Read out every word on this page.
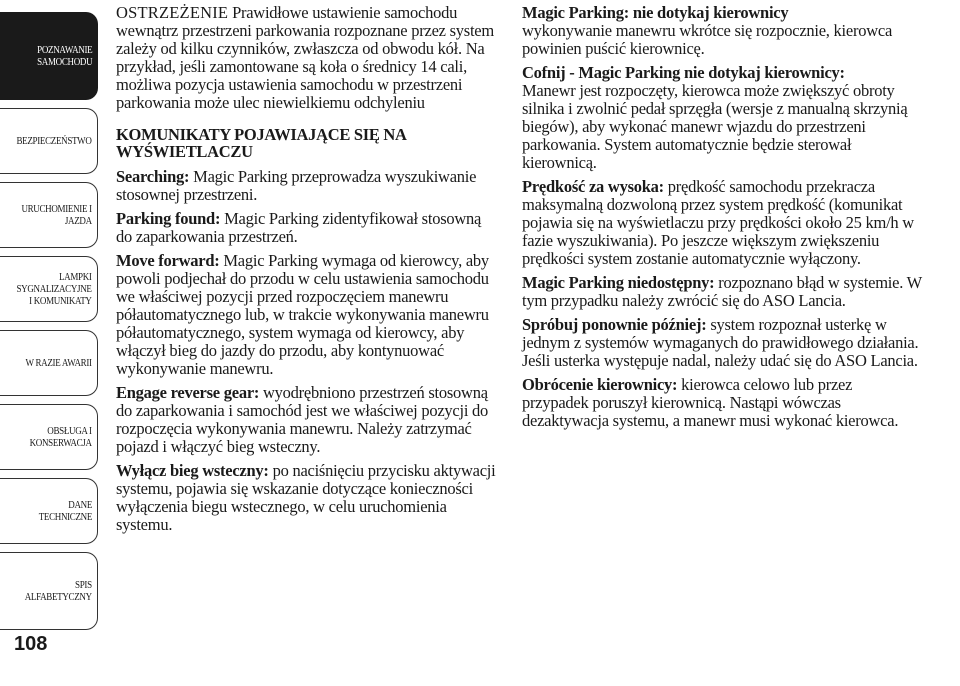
POZNAWANIE
SAMOCHODU
BEZPIECZEŃSTWO
URUCHOMIENIE I
JAZDA
LAMPKI
SYGNALIZACYJNE
I KOMUNIKATY
W RAZIE AWARII
OBSŁUGA I
KONSERWACJA
DANE
TECHNICZNE
SPIS
ALFABETYCZNY
108

OSTRZEŻENIE Prawidłowe ustawienie samochodu wewnątrz przestrzeni parkowania rozpoznane przez system zależy od kilku czynników, zwłaszcza od obwodu kół. Na przykład, jeśli zamontowane są koła o średnicy 14 cali, możliwa pozycja ustawienia samochodu w przestrzeni parkowania może ulec niewielkiemu odchyleniu

KOMUNIKATY POJAWIAJĄCE SIĘ NA WYŚWIETLACZU

Searching: Magic Parking przeprowadza wyszukiwanie stosownej przestrzeni.

Parking found: Magic Parking zidentyfikował stosowną do zaparkowania przestrzeń.

Move forward: Magic Parking wymaga od kierowcy, aby powoli podjechał do przodu w celu ustawienia samochodu we właściwej pozycji przed rozpoczęciem manewru półautomatycznego lub, w trakcie wykonywania manewru półautomatycznego, system wymaga od kierowcy, aby włączył bieg do jazdy do przodu, aby kontynuować wykonywanie manewru.

Engage reverse gear: wyodrębniono przestrzeń stosowną do zaparkowania i samochód jest we właściwej pozycji do rozpoczęcia wykonywania manewru. Należy zatrzymać pojazd i włączyć bieg wsteczny.

Wyłącz bieg wsteczny: po naciśnięciu przycisku aktywacji systemu, pojawia się wskazanie dotyczące konieczności wyłączenia biegu wstecznego, w celu uruchomienia systemu.

Magic Parking: nie dotykaj kierownicy
wykonywanie manewru wkrótce się rozpocznie, kierowca powinien puścić kierownicę.

Cofnij - Magic Parking nie dotykaj kierownicy:
Manewr jest rozpoczęty, kierowca może zwiększyć obroty silnika i zwolnić pedał sprzęgła (wersje z manualną skrzynią biegów), aby wykonać manewr wjazdu do przestrzeni parkowania. System automatycznie będzie sterował kierownicą.

Prędkość za wysoka: prędkość samochodu przekracza maksymalną dozwoloną przez system prędkość (komunikat pojawia się na wyświetlaczu przy prędkości około 25 km/h w fazie wyszukiwania). Po jeszcze większym zwiększeniu prędkości system zostanie automatycznie wyłączony.

Magic Parking niedostępny: rozpoznano błąd w systemie. W tym przypadku należy zwrócić się do ASO Lancia.

Spróbuj ponownie później: system rozpoznał usterkę w jednym z systemów wymaganych do prawidłowego działania. Jeśli usterka występuje nadal, należy udać się do ASO Lancia.

Obrócenie kierownicy: kierowca celowo lub przez przypadek poruszył kierownicą. Nastąpi wówczas dezaktywacja systemu, a manewr musi wykonać kierowca.
